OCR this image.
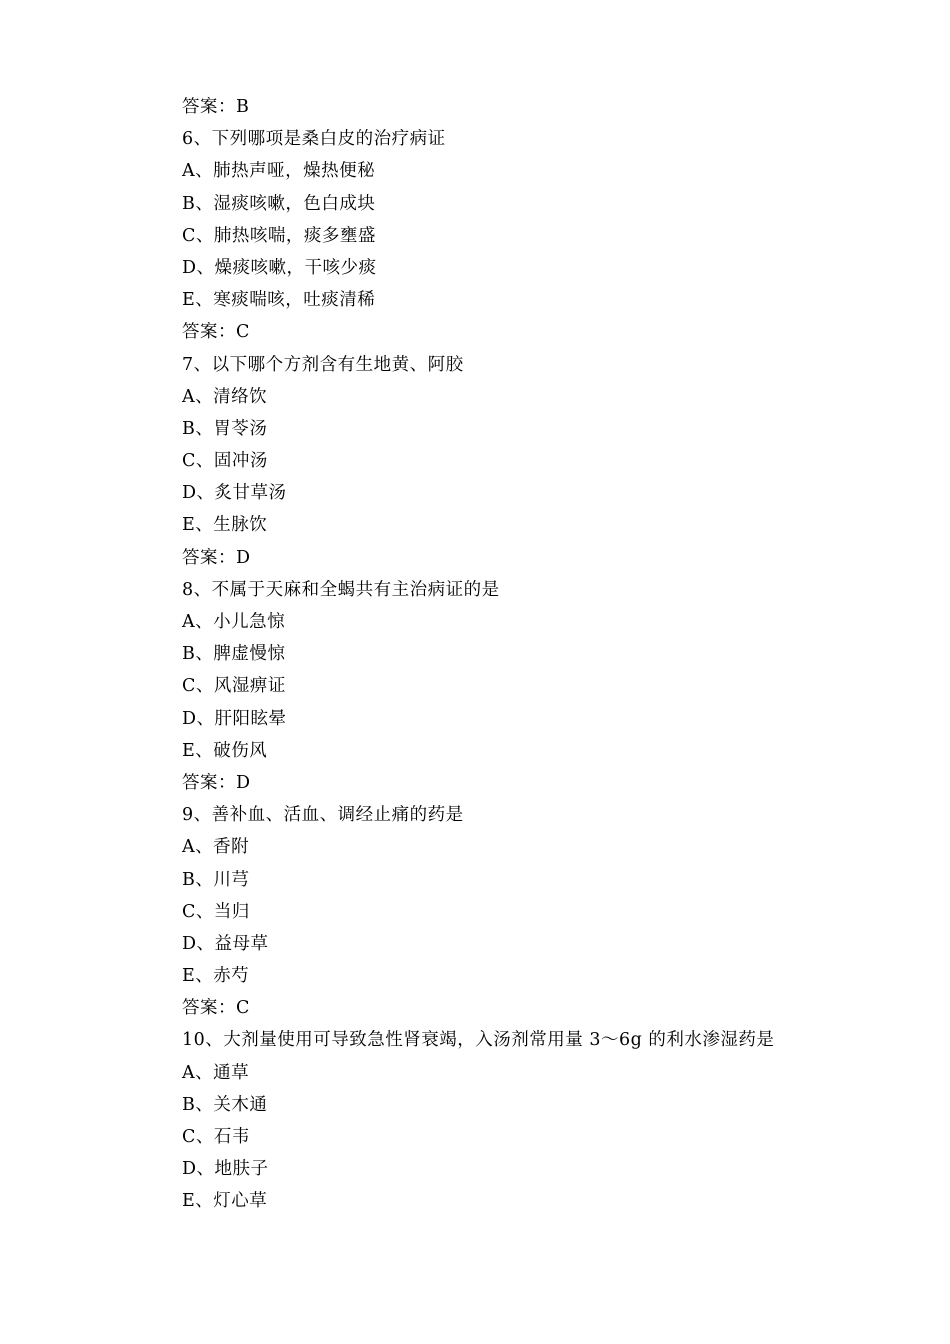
答案：B
6、下列哪项是桑白皮的治疗病证
A、肺热声哑，燥热便秘
B、湿痰咳嗽，色白成块
C、肺热咳喘，痰多壅盛
D、燥痰咳嗽，干咳少痰
E、寒痰喘咳，吐痰清稀
答案：C
7、以下哪个方剂含有生地黄、阿胶
A、清络饮
B、胃苓汤
C、固冲汤
D、炙甘草汤
E、生脉饮
答案：D
8、不属于天麻和全蝎共有主治病证的是
A、小儿急惊
B、脾虚慢惊
C、风湿痹证
D、肝阳眩晕
E、破伤风
答案：D
9、善补血、活血、调经止痛的药是
A、香附
B、川芎
C、当归
D、益母草
E、赤芍
答案：C
10、大剂量使用可导致急性肾衰竭，入汤剂常用量 3～6g 的利水渗湿药是
A、通草
B、关木通
C、石韦
D、地肤子
E、灯心草
